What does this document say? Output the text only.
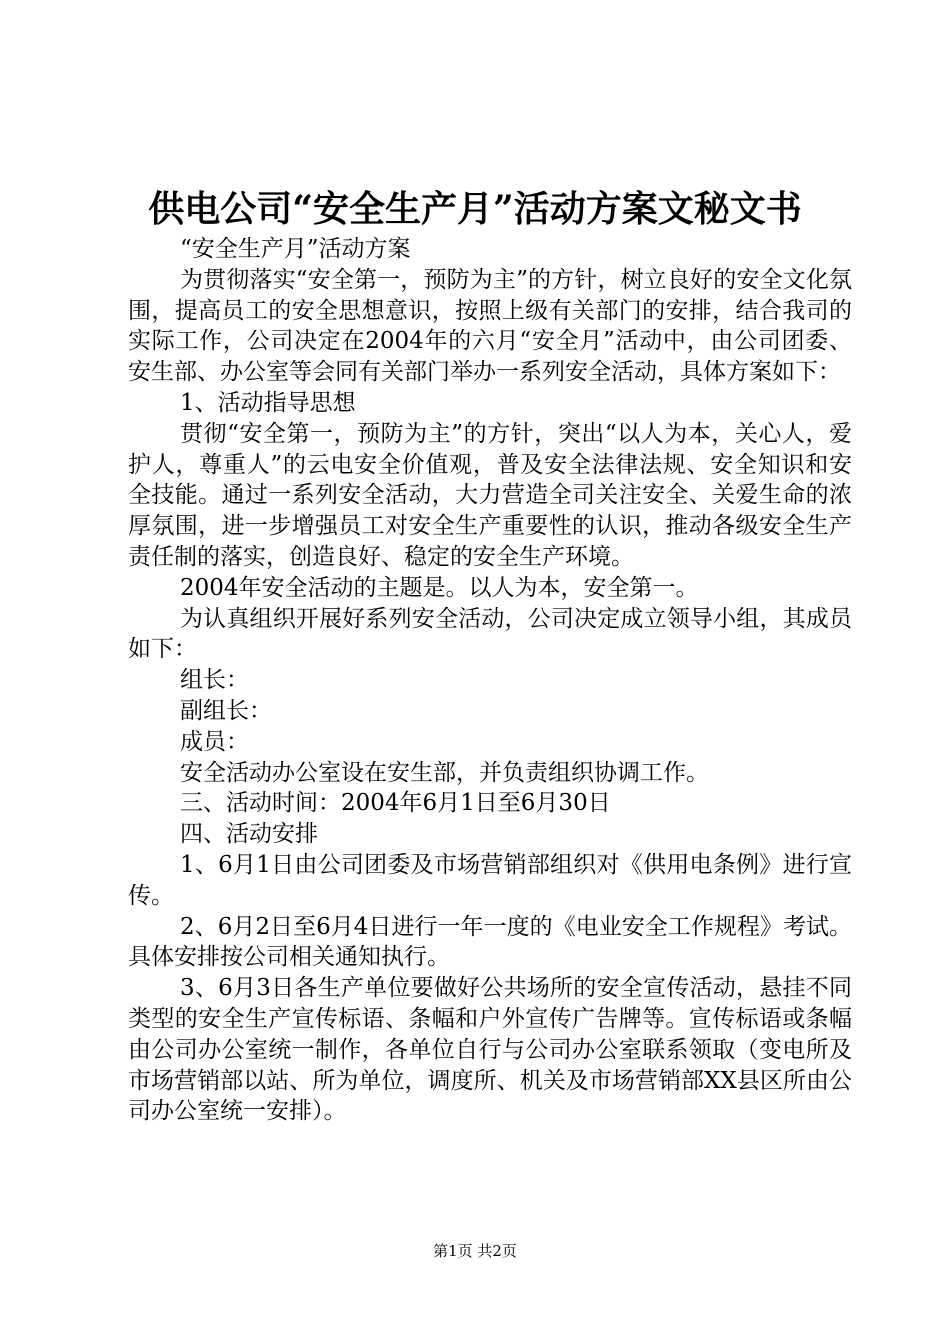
供电公司“安全生产月”活动方案文秘文书

“安全生产月”活动方案

为贯彻落实“安全第一，预防为主”的方针，树立良好的安全文化氛围，提高员工的安全思想意识，按照上级有关部门的安排，结合我司的实际工作，公司决定在2004年的六月“安全月”活动中，由公司团委、安生部、办公室等会同有关部门举办一系列安全活动，具体方案如下：

1、活动指导思想

贯彻“安全第一，预防为主”的方针，突出“以人为本，关心人，爱护人，尊重人”的云电安全价值观，普及安全法律法规、安全知识和安全技能。通过一系列安全活动，大力营造全司关注安全、关爱生命的浓厚氛围，进一步增强员工对安全生产重要性的认识，推动各级安全生产责任制的落实，创造良好、稳定的安全生产环境。

2004年安全活动的主题是。以人为本，安全第一。

为认真组织开展好系列安全活动，公司决定成立领导小组，其成员如下：

组长：

副组长：

成员：

安全活动办公室设在安生部，并负责组织协调工作。

三、活动时间：2004年6月1日至6月30日

四、活动安排

1、6月1日由公司团委及市场营销部组织对《供用电条例》进行宣传。

2、6月2日至6月4日进行一年一度的《电业安全工作规程》考试。具体安排按公司相关通知执行。

3、6月3日各生产单位要做好公共场所的安全宣传活动，悬挂不同类型的安全生产宣传标语、条幅和户外宣传广告牌等。宣传标语或条幅由公司办公室统一制作，各单位自行与公司办公室联系领取（变电所及市场营销部以站、所为单位，调度所、机关及市场营销部XX县区所由公司办公室统一安排）。

第1页 共2页
